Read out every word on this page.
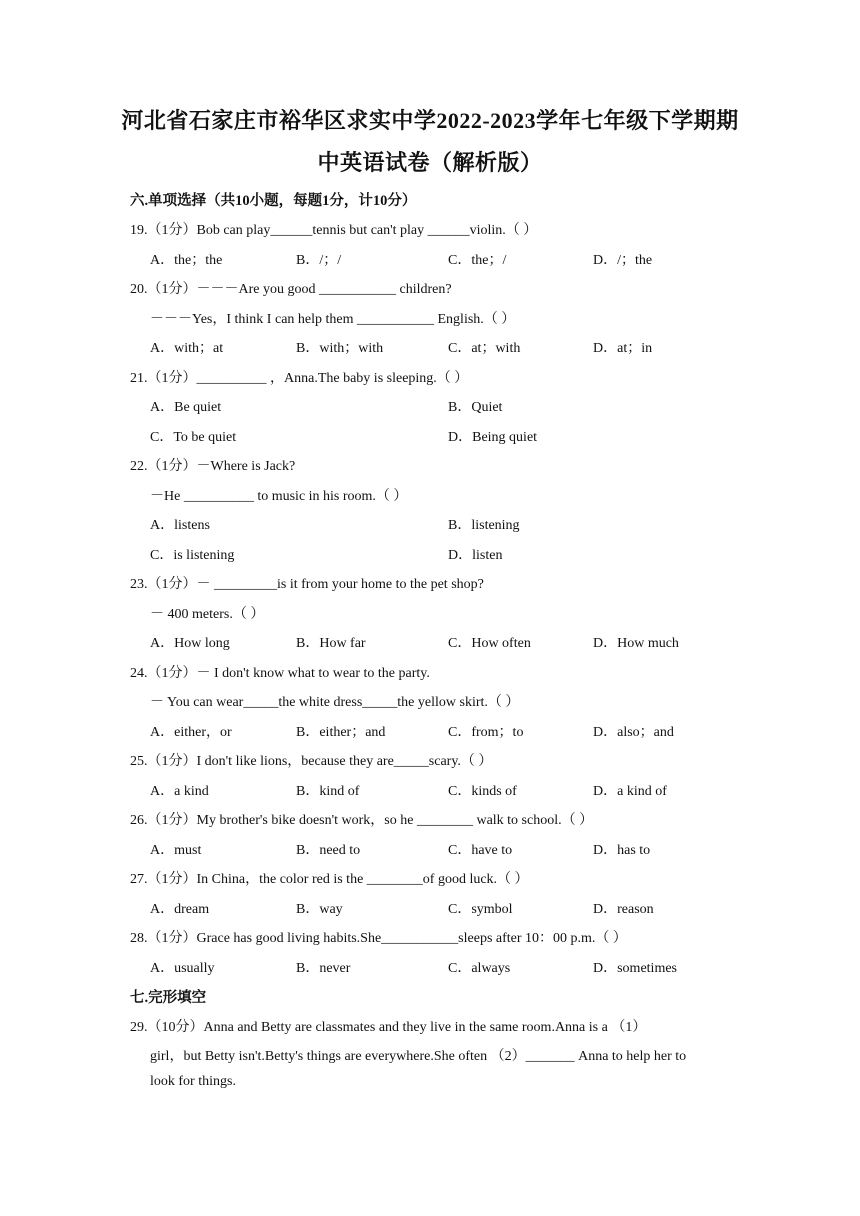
河北省石家庄市裕华区求实中学2022-2023学年七年级下学期期
中英语试卷（解析版）
六.单项选择（共10小题，每题1分，计10分）
19.（1分）Bob can play______tennis but can't play ______violin.（ ）
A．the；the	B．/；/	C．the；/	D．/；the
20.（1分）－－－Are you good ___________ children?
－－－Yes，I think I can help them ___________ English.（ ）
A．with；at	B．with；with	C．at；with	D．at；in
21.（1分）__________ ，Anna.The baby is sleeping.（ ）
A．Be quiet	B．Quiet
C．To be quiet	D．Being quiet
22.（1分）－Where is Jack?
－He __________ to music in his room.（ ）
A．listens	B．listening
C．is listening	D．listen
23.（1分）－ _________is it from your home to the pet shop?
－ 400 meters.（ ）
A．How long	B．How far	C．How often	D．How much
24.（1分）－ I don't know what to wear to the party.
－ You can wear_____the white dress_____the yellow skirt.（ ）
A．either，or	B．either；and	C．from；to	D．also；and
25.（1分）I don't like lions，because they are_____scary.（ ）
A．a kind	B．kind of	C．kinds of	D．a kind of
26.（1分）My brother's bike doesn't work，so he ________ walk to school.（ ）
A．must	B．need to	C．have to	D．has to
27.（1分）In China，the color red is the ________of good luck.（ ）
A．dream	B．way	C．symbol	D．reason
28.（1分）Grace has good living habits.She___________sleeps after 10：00 p.m.（ ）
A．usually	B．never	C．always	D．sometimes
七.完形填空
29.（10分）Anna and Betty are classmates and they live in the same room.Anna is a （1）
girl，but Betty isn't.Betty's things are everywhere.She often （2）_______ Anna to help her to
look for things.
